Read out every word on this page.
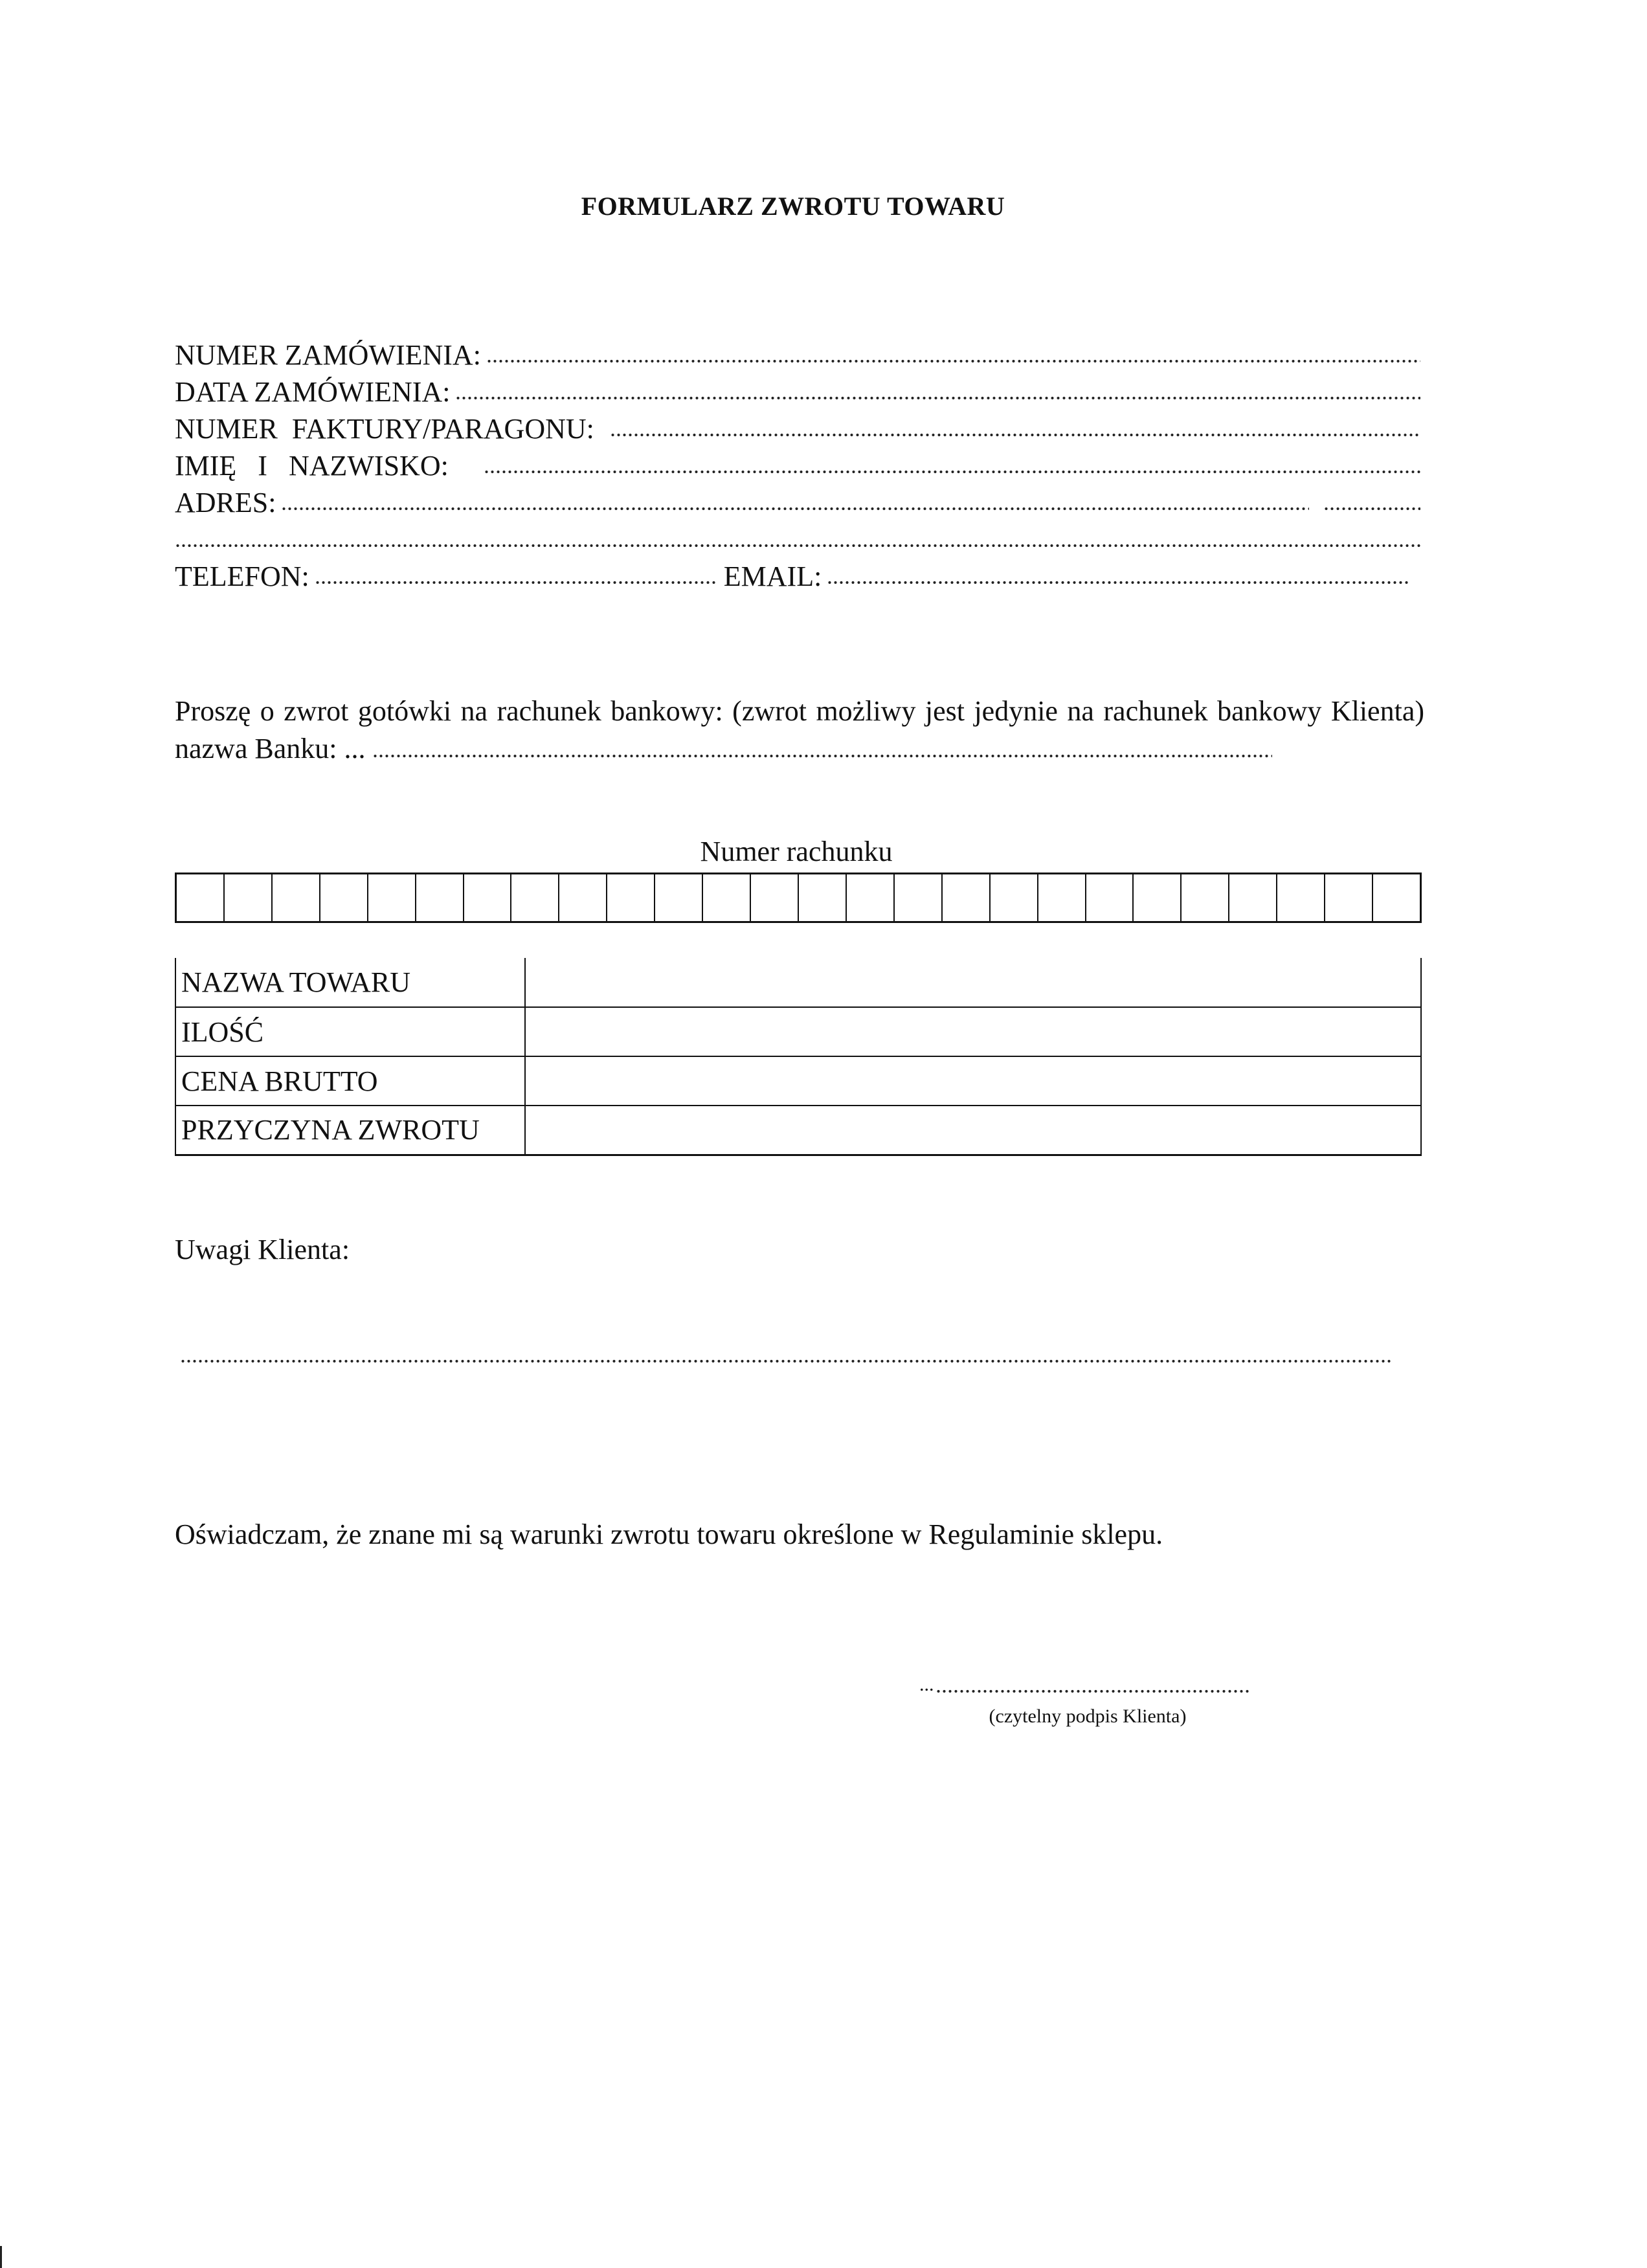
FORMULARZ ZWROTU TOWARU
NUMER ZAMÓWIENIA:
DATA ZAMÓWIENIA:
NUMER  FAKTURY/PARAGONU:
IMIĘ   I   NAZWISKO:
ADRES:
TELEFON:	EMAIL:
Proszę o zwrot gotówki na rachunek bankowy: (zwrot możliwy jest jedynie na rachunek bankowy Klienta) nazwa Banku: ...
Numer rachunku
NAZWA TOWARU	
ILOŚĆ	
CENA BRUTTO	
PRZYCZYNA ZWROTU	
Uwagi Klienta:
Oświadczam, że znane mi są warunki zwrotu towaru określone w Regulaminie sklepu.
...
(czytelny podpis Klienta)
